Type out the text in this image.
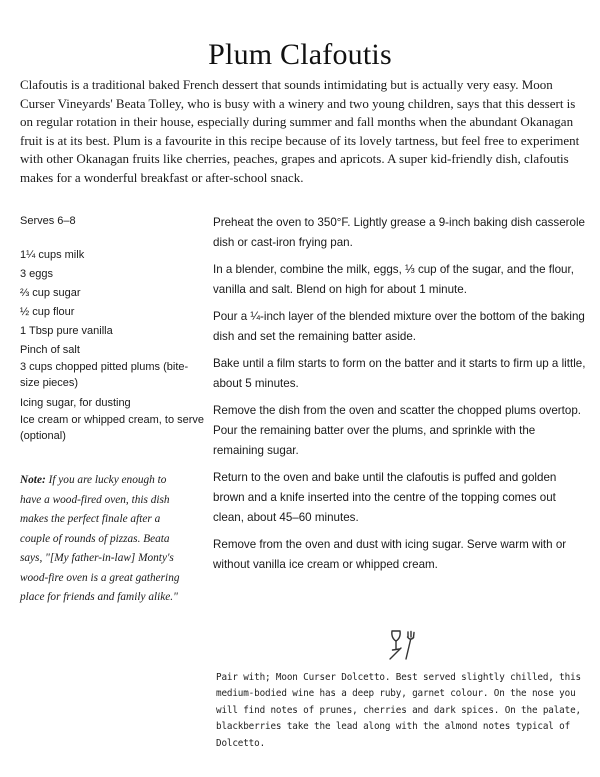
Plum Clafoutis

Clafoutis is a traditional baked French dessert that sounds intimidating but is actually very easy. Moon Curser Vineyards' Beata Tolley, who is busy with a winery and two young children, says that this dessert is on regular rotation in their house, especially during summer and fall months when the abundant Okanagan fruit is at its best. Plum is a favourite in this recipe because of its lovely tartness, but feel free to experiment with other Okanagan fruits like cherries, peaches, grapes and apricots. A super kid-friendly dish, clafoutis makes for a wonderful breakfast or after-school snack.

Serves 6–8
1¼ cups milk
3 eggs
⅔ cup sugar
½ cup flour
1 Tbsp pure vanilla
Pinch of salt
3 cups chopped pitted plums (bite-size pieces)
Icing sugar, for dusting
Ice cream or whipped cream, to serve (optional)
Note: If you are lucky enough to have a wood-fired oven, this dish makes the perfect finale after a couple of rounds of pizzas. Beata says, "[My father-in-law] Monty's wood-fire oven is a great gathering place for friends and family alike."

Preheat the oven to 350°F. Lightly grease a 9-inch baking dish casserole dish or cast-iron frying pan.

In a blender, combine the milk, eggs, ⅓ cup of the sugar, and the flour, vanilla and salt. Blend on high for about 1 minute.

Pour a ¼-inch layer of the blended mixture over the bottom of the baking dish and set the remaining batter aside.

Bake until a film starts to form on the batter and it starts to firm up a little, about 5 minutes.

Remove the dish from the oven and scatter the chopped plums overtop. Pour the remaining batter over the plums, and sprinkle with the remaining sugar.

Return to the oven and bake until the clafoutis is puffed and golden brown and a knife inserted into the centre of the topping comes out clean, about 45–60 minutes.

Remove from the oven and dust with icing sugar. Serve warm with or without vanilla ice cream or whipped cream.

Pair with; Moon Curser Dolcetto. Best served slightly chilled, this medium-bodied wine has a deep ruby, garnet colour. On the nose you will find notes of prunes, cherries and dark spices. On the palate, blackberries take the lead along with the almond notes typical of Dolcetto.
